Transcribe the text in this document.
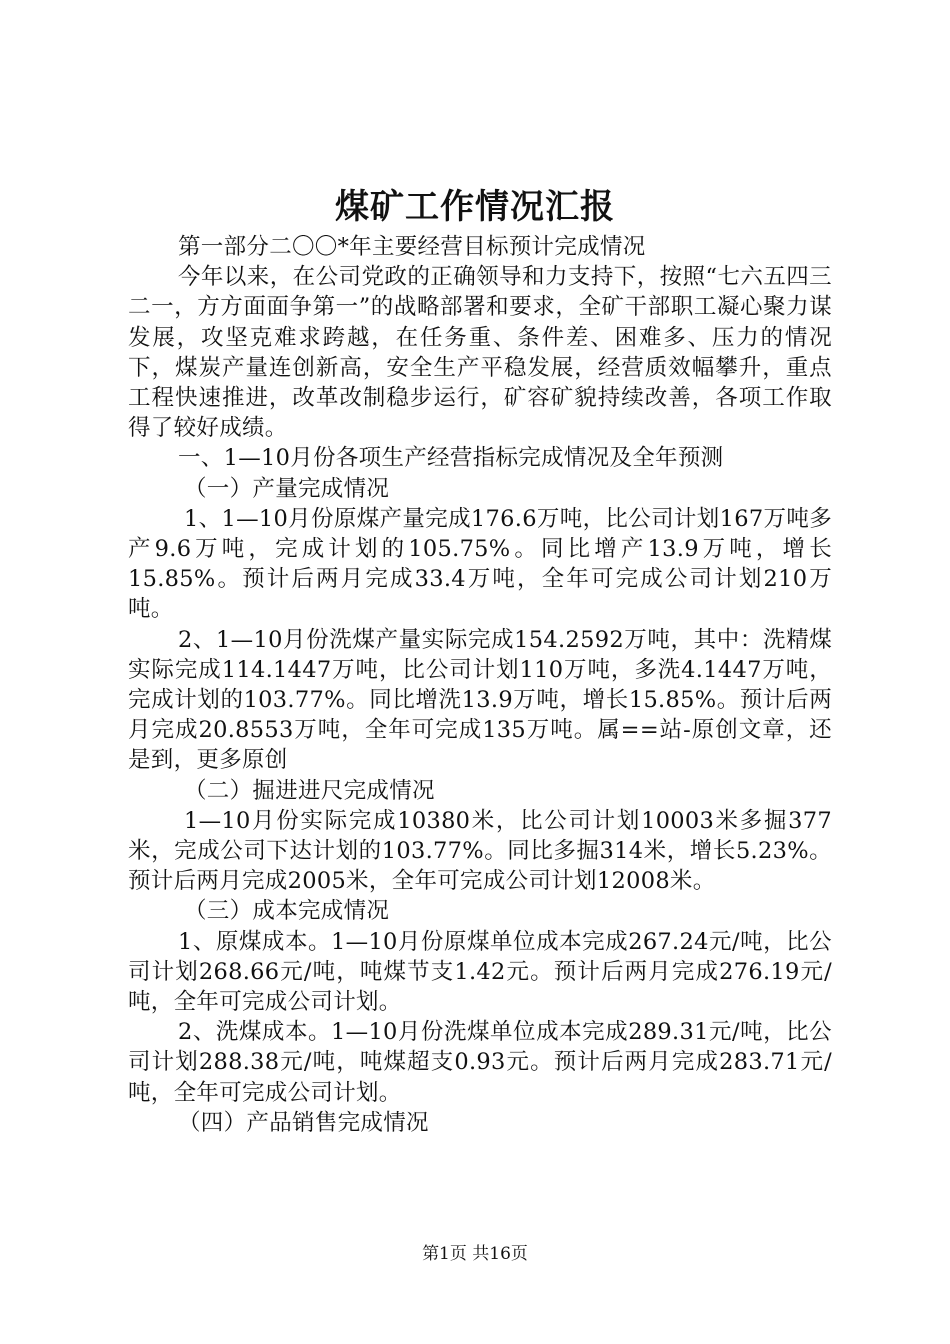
煤矿工作情况汇报

第一部分二〇〇*年主要经营目标预计完成情况

今年以来，在公司党政的正确领导和力支持下，按照“七六五四三二一，方方面面争第一”的战略部署和要求，全矿干部职工凝心聚力谋发展，攻坚克难求跨越，在任务重、条件差、困难多、压力的情况下，煤炭产量连创新高，安全生产平稳发展，经营质效幅攀升，重点工程快速推进，改革改制稳步运行，矿容矿貌持续改善，各项工作取得了较好成绩。

一、1—10月份各项生产经营指标完成情况及全年预测

（一）产量完成情况

1、1—10月份原煤产量完成176.6万吨，比公司计划167万吨多产9.6万吨，完成计划的105.75%。同比增产13.9万吨，增长15.85%。预计后两月完成33.4万吨，全年可完成公司计划210万吨。

2、1—10月份洗煤产量实际完成154.2592万吨，其中：洗精煤实际完成114.1447万吨，比公司计划110万吨，多洗4.1447万吨，完成计划的103.77%。同比增洗13.9万吨，增长15.85%。预计后两月完成20.8553万吨，全年可完成135万吨。属==站-原创文章，还是到，更多原创

（二）掘进进尺完成情况

1—10月份实际完成10380米，比公司计划10003米多掘377米，完成公司下达计划的103.77%。同比多掘314米，增长5.23%。预计后两月完成2005米，全年可完成公司计划12008米。

（三）成本完成情况

1、原煤成本。1—10月份原煤单位成本完成267.24元/吨，比公司计划268.66元/吨，吨煤节支1.42元。预计后两月完成276.19元/吨，全年可完成公司计划。

2、洗煤成本。1—10月份洗煤单位成本完成289.31元/吨，比公司计划288.38元/吨，吨煤超支0.93元。预计后两月完成283.71元/吨，全年可完成公司计划。

（四）产品销售完成情况

第1页 共16页
